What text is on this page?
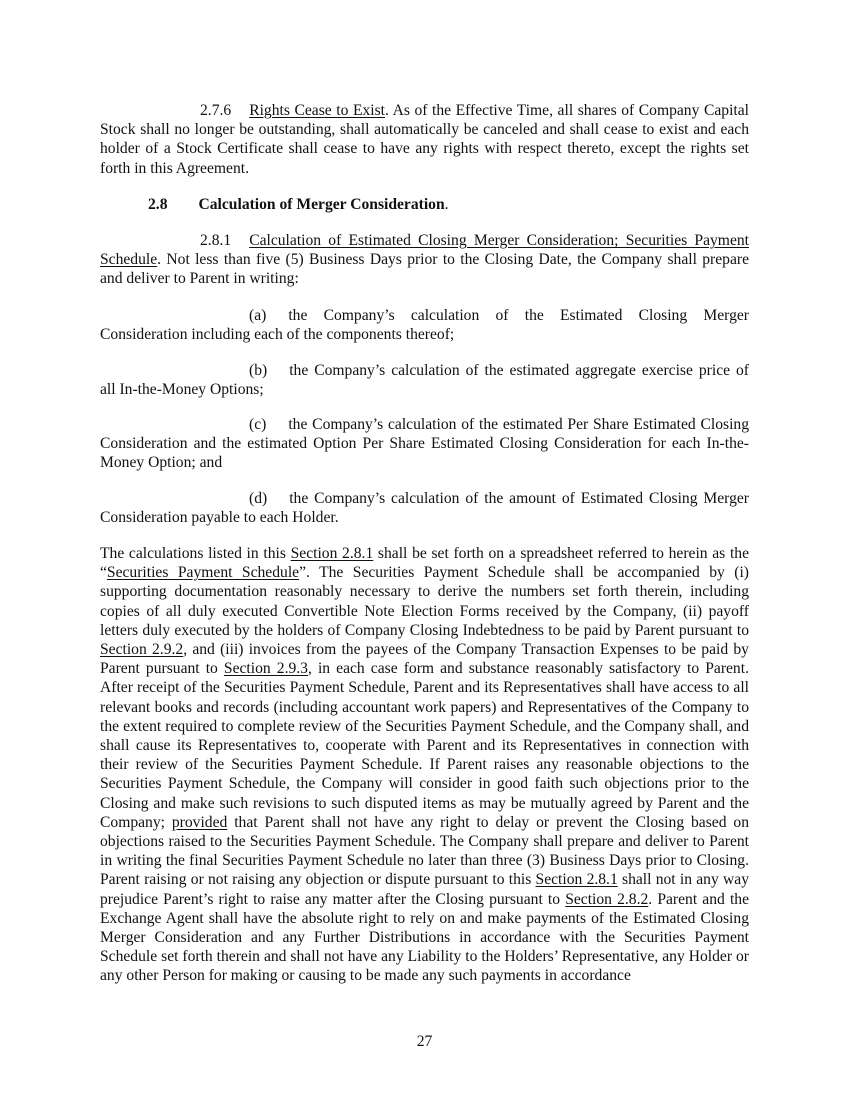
2.7.6 Rights Cease to Exist. As of the Effective Time, all shares of Company Capital Stock shall no longer be outstanding, shall automatically be canceled and shall cease to exist and each holder of a Stock Certificate shall cease to have any rights with respect thereto, except the rights set forth in this Agreement.
2.8 Calculation of Merger Consideration.
2.8.1 Calculation of Estimated Closing Merger Consideration; Securities Payment Schedule. Not less than five (5) Business Days prior to the Closing Date, the Company shall prepare and deliver to Parent in writing:
(a) the Company’s calculation of the Estimated Closing Merger Consideration including each of the components thereof;
(b) the Company’s calculation of the estimated aggregate exercise price of all In-the-Money Options;
(c) the Company’s calculation of the estimated Per Share Estimated Closing Consideration and the estimated Option Per Share Estimated Closing Consideration for each In-the-Money Option; and
(d) the Company’s calculation of the amount of Estimated Closing Merger Consideration payable to each Holder.
The calculations listed in this Section 2.8.1 shall be set forth on a spreadsheet referred to herein as the “Securities Payment Schedule”. The Securities Payment Schedule shall be accompanied by (i) supporting documentation reasonably necessary to derive the numbers set forth therein, including copies of all duly executed Convertible Note Election Forms received by the Company, (ii) payoff letters duly executed by the holders of Company Closing Indebtedness to be paid by Parent pursuant to Section 2.9.2, and (iii) invoices from the payees of the Company Transaction Expenses to be paid by Parent pursuant to Section 2.9.3, in each case form and substance reasonably satisfactory to Parent. After receipt of the Securities Payment Schedule, Parent and its Representatives shall have access to all relevant books and records (including accountant work papers) and Representatives of the Company to the extent required to complete review of the Securities Payment Schedule, and the Company shall, and shall cause its Representatives to, cooperate with Parent and its Representatives in connection with their review of the Securities Payment Schedule. If Parent raises any reasonable objections to the Securities Payment Schedule, the Company will consider in good faith such objections prior to the Closing and make such revisions to such disputed items as may be mutually agreed by Parent and the Company; provided that Parent shall not have any right to delay or prevent the Closing based on objections raised to the Securities Payment Schedule. The Company shall prepare and deliver to Parent in writing the final Securities Payment Schedule no later than three (3) Business Days prior to Closing. Parent raising or not raising any objection or dispute pursuant to this Section 2.8.1 shall not in any way prejudice Parent’s right to raise any matter after the Closing pursuant to Section 2.8.2. Parent and the Exchange Agent shall have the absolute right to rely on and make payments of the Estimated Closing Merger Consideration and any Further Distributions in accordance with the Securities Payment Schedule set forth therein and shall not have any Liability to the Holders’ Representative, any Holder or any other Person for making or causing to be made any such payments in accordance
27
